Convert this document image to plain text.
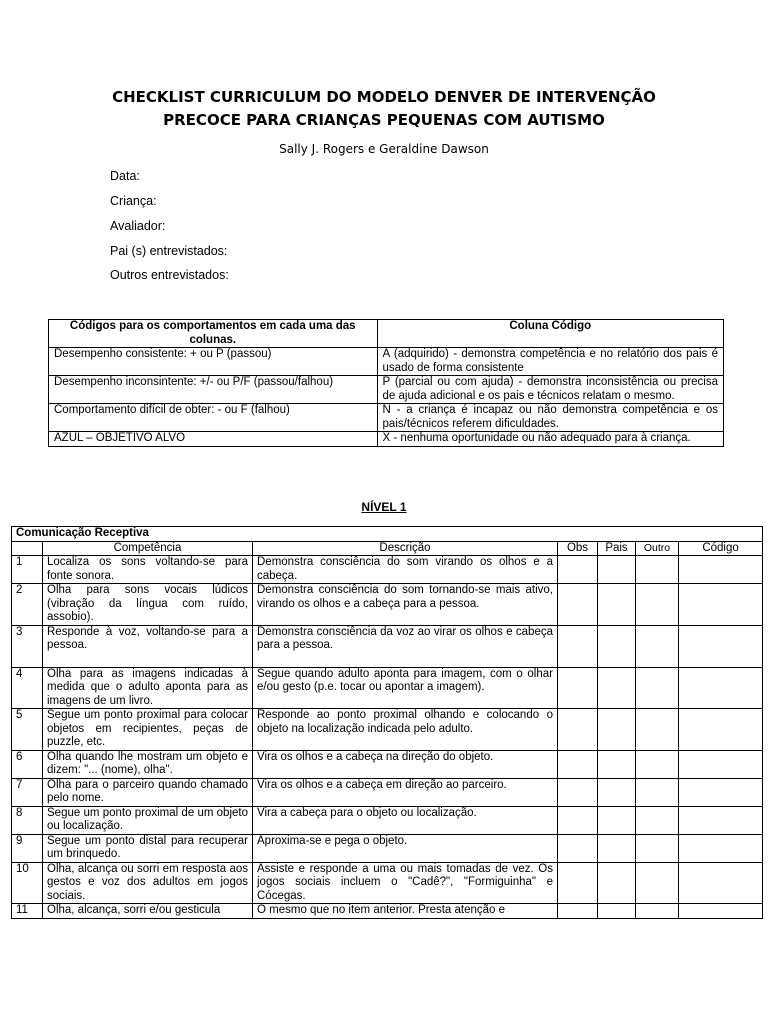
CHECKLIST CURRICULUM DO MODELO DENVER DE INTERVENÇÃO
PRECOCE PARA CRIANÇAS PEQUENAS COM AUTISMO
Sally J. Rogers e Geraldine Dawson
Data:
Criança:
Avaliador:
Pai (s) entrevistados:
Outros entrevistados:
Códigos para os comportamentos em cada uma das colunas.	Coluna Código
Desempenho consistente: + ou P (passou)	A (adquirido) - demonstra competência e no relatório dos pais é usado de forma consistente
Desempenho inconsintente: +/- ou P/F (passou/falhou)	P (parcial ou com ajuda) - demonstra inconsistência ou precisa de ajuda adicional e os pais e técnicos relatam o mesmo.
Comportamento difícil de obter: - ou F (falhou)	N - a criança é incapaz ou não demonstra competência e os pais/técnicos referem dificuldades.
AZUL – OBJETIVO ALVO	X - nenhuma oportunidade ou não adequado para à criança.
NÍVEL 1
Comunicação Receptiva						
	Competência	Descrição	Obs	Pais	Outro	Código
1	Localiza os sons voltando-se para fonte sonora.	Demonstra consciência do som virando os olhos e a cabeça.				
2	Olha para sons vocais lúdicos (vibração da língua com ruído, assobio).	Demonstra consciência do som tornando-se mais ativo, virando os olhos e a cabeça para a pessoa.				
3	Responde à voz, voltando-se para a pessoa.	Demonstra consciência da voz ao virar os olhos e cabeça para a pessoa.				
4	Olha para as imagens indicadas à medida que o adulto aponta para as imagens de um livro.	Segue quando adulto aponta para imagem, com o olhar e/ou gesto (p.e. tocar ou apontar a imagem).				
5	Segue um ponto proximal para colocar objetos em recipientes, peças de puzzle, etc.	Responde ao ponto proximal olhando e colocando o objeto na localização indicada pelo adulto.				
6	Olha quando lhe mostram um objeto e dizem: "... (nome), olha".	Vira os olhos e a cabeça na direção do objeto.				
7	Olha para o parceiro quando chamado pelo nome.	Vira os olhos e a cabeça em direção ao parceiro.				
8	Segue um ponto proximal de um objeto ou localização.	Vira a cabeça para o objeto ou localização.				
9	Segue um ponto distal para recuperar um brinquedo.	Aproxima-se e pega o objeto.				
10	Olha, alcança ou sorri em resposta aos gestos e voz dos adultos em jogos sociais.	Assiste e responde a uma ou mais tomadas de vez. Os jogos sociais incluem o "Cadê?", "Formiguinha" e Cócegas.				
11	Olha, alcança, sorri e/ou gesticula	O mesmo que no item anterior. Presta atenção e				
